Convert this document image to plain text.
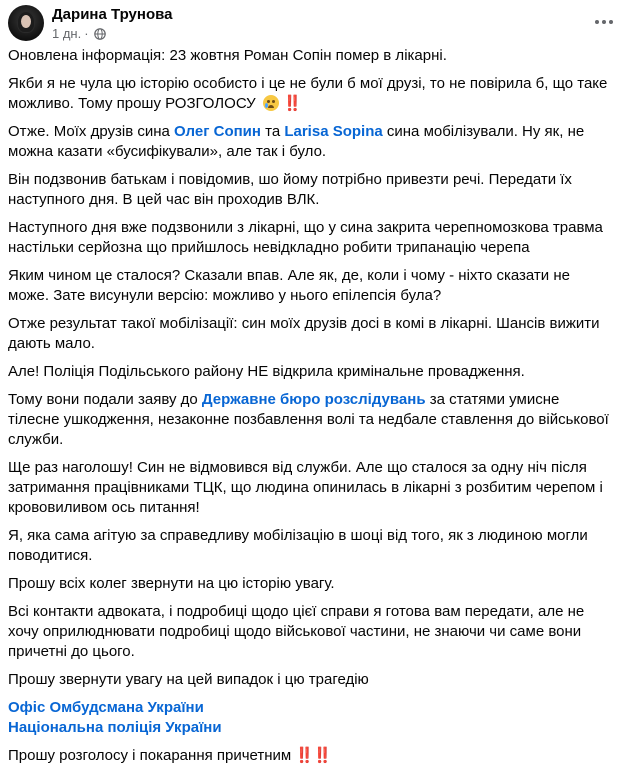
Дарина Трунова
1 дн. ·

Оновлена інформація: 23 жовтня Роман Сопін помер в лікарні.

Якби я не чула цю історію особисто і це не були б мої друзі, то не повірила б, що таке можливо. Тому прошу РОЗГОЛОСУ ‼️

Отже. Моїх друзів сина Олег Сопин та Larisa Sopina сина мобілізували. Ну як, не можна казати «бусифікували», але так і було.

Він подзвонив батькам і повідомив, шо йому потрібно привезти речі. Передати їх наступного дня. В цей час він проходив ВЛК.

Наступного дня вже подзвонили з лікарні, що у сина закрита черепномозкова травма настільки серйозна що прийшлось невідкладно робити трипанацію черепа

Яким чином це сталося? Сказали впав. Але як, де, коли і чому - ніхто сказати не може. Зате висунули версію: можливо у нього епілепсія була?

Отже результат такої мобілізації: син моїх друзів досі в комі в лікарні. Шансів вижити дають мало.

Але! Поліція Подільського району НЕ відкрила кримінальне провадження.

Тому вони подали заяву до Державне бюро розслідувань за статями умисне тілесне ушкодження, незаконне позбавлення волі та недбале ставлення до військової служби.

Ще раз наголошу! Син не відмовився від служби. Але що сталося за одну ніч після затримання працівниками ТЦК, що людина опинилась в лікарні з розбитим черепом і крововиливом ось питання!

Я, яка сама агітую за справедливу мобілізацію в шоці від того, як з людиною могли поводитися.

Прошу всіх колег звернути на цю історію увагу.

Всі контакти адвоката, і подробиці щодо цієї справи я готова вам передати, але не хочу оприлюднювати подробиці щодо військової частини, не знаючи чи саме вони причетні до цього.

Прошу звернути увагу на цей випадок і цю трагедію

Офіс Омбудсмана України
Національна поліція України

Прошу розголосу і покарання причетним ‼️‼️
